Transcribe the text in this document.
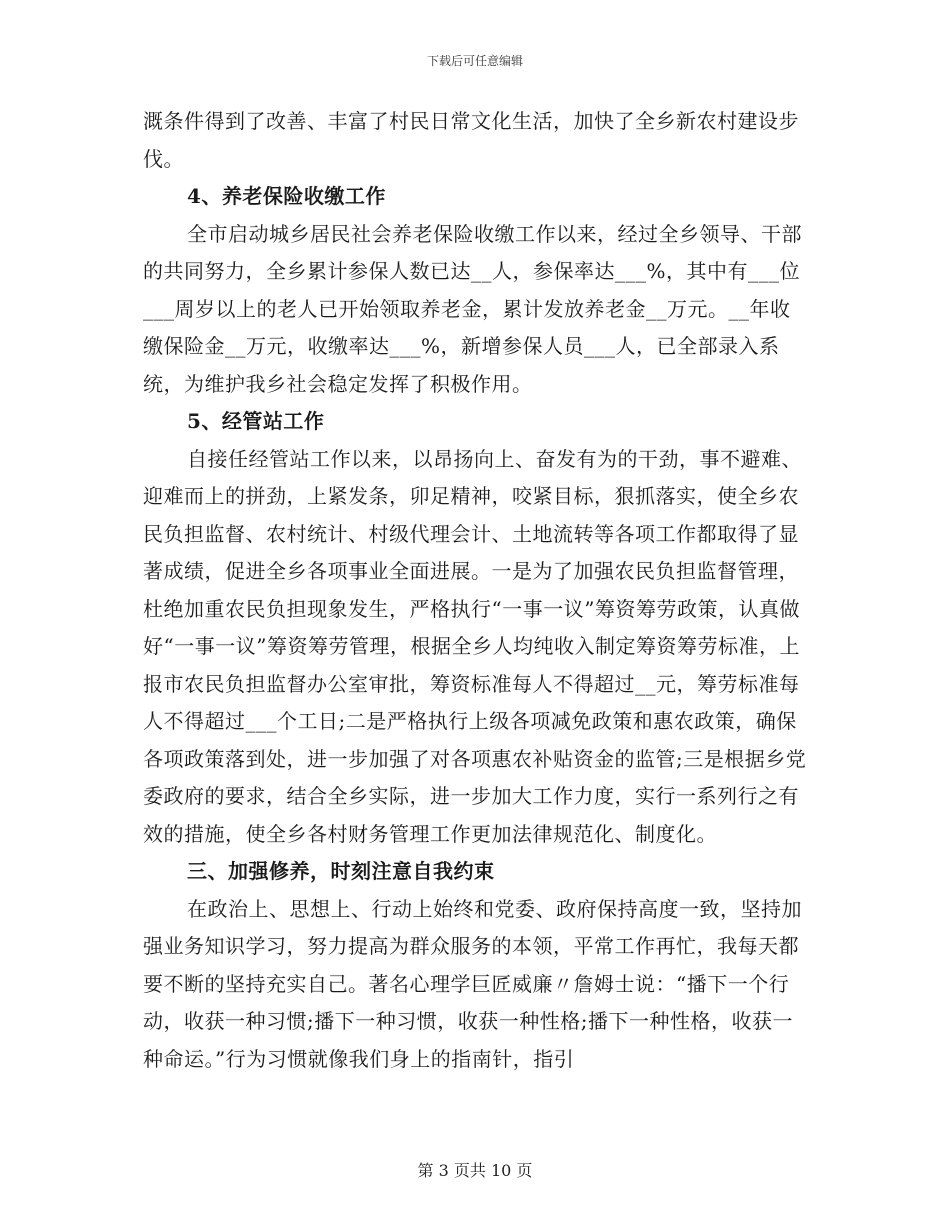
下载后可任意编辑

溉条件得到了改善、丰富了村民日常文化生活，加快了全乡新农村建设步伐。

4、养老保险收缴工作

全市启动城乡居民社会养老保险收缴工作以来，经过全乡领导、干部的共同努力，全乡累计参保人数已达__人，参保率达___%，其中有___位___周岁以上的老人已开始领取养老金，累计发放养老金__万元。__年收缴保险金__万元，收缴率达___%，新增参保人员___人，已全部录入系统，为维护我乡社会稳定发挥了积极作用。

5、经管站工作

自接任经管站工作以来，以昂扬向上、奋发有为的干劲，事不避难、迎难而上的拼劲，上紧发条，卯足精神，咬紧目标，狠抓落实，使全乡农民负担监督、农村统计、村级代理会计、土地流转等各项工作都取得了显著成绩，促进全乡各项事业全面进展。一是为了加强农民负担监督管理，杜绝加重农民负担现象发生，严格执行“一事一议”筹资筹劳政策，认真做好“一事一议”筹资筹劳管理，根据全乡人均纯收入制定筹资筹劳标准，上报市农民负担监督办公室审批，筹资标准每人不得超过__元，筹劳标准每人不得超过___个工日;二是严格执行上级各项减免政策和惠农政策，确保各项政策落到处，进一步加强了对各项惠农补贴资金的监管;三是根据乡党委政府的要求，结合全乡实际，进一步加大工作力度，实行一系列行之有效的措施，使全乡各村财务管理工作更加法律规范化、制度化。

三、加强修养，时刻注意自我约束

在政治上、思想上、行动上始终和党委、政府保持高度一致，坚持加强业务知识学习，努力提高为群众服务的本领，平常工作再忙，我每天都要不断的坚持充实自己。著名心理学巨匠威廉〃詹姆士说：“播下一个行动，收获一种习惯;播下一种习惯，收获一种性格;播下一种性格，收获一种命运。”行为习惯就像我们身上的指南针，指引

第 3 页共 10 页
